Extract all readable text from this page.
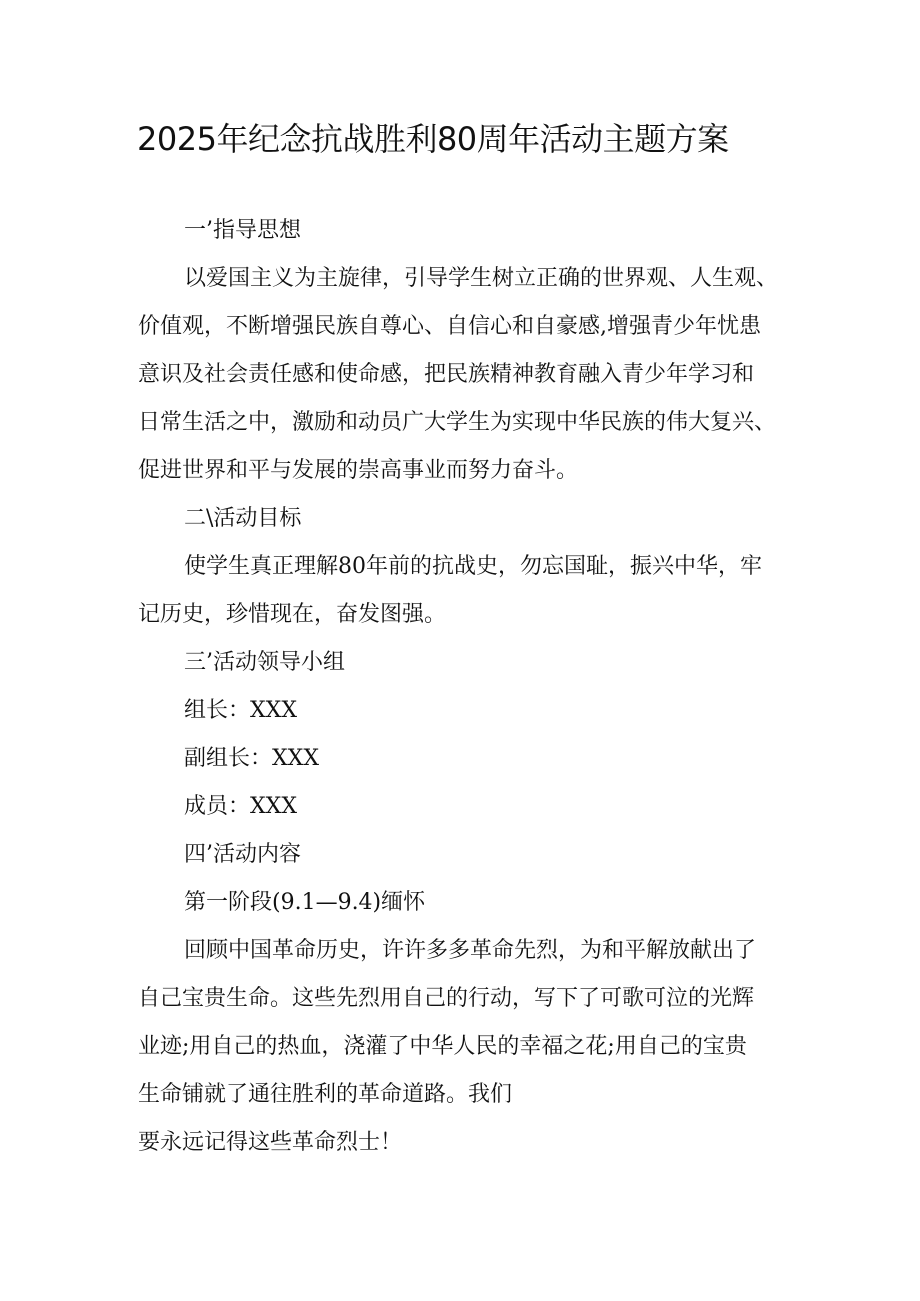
2025年纪念抗战胜利80周年活动主题方案
一’指导思想
以爱国主义为主旋律，引导学生树立正确的世界观、人生观、
价值观，不断增强民族自尊心、自信心和自豪感,增强青少年忧患
意识及社会责任感和使命感，把民族精神教育融入青少年学习和
日常生活之中，激励和动员广大学生为实现中华民族的伟大复兴、
促进世界和平与发展的崇高事业而努力奋斗。
二\活动目标
使学生真正理解80年前的抗战史，勿忘国耻，振兴中华，牢
记历史，珍惜现在，奋发图强。
三’活动领导小组
组长：XXX
副组长：XXX
成员：XXX
四’活动内容
第一阶段(9.1—9.4)缅怀
回顾中国革命历史，许许多多革命先烈，为和平解放献出了
自己宝贵生命。这些先烈用自己的行动，写下了可歌可泣的光辉
业迹;用自己的热血，浇灌了中华人民的幸福之花;用自己的宝贵
生命铺就了通往胜利的革命道路。我们
要永远记得这些革命烈士！
